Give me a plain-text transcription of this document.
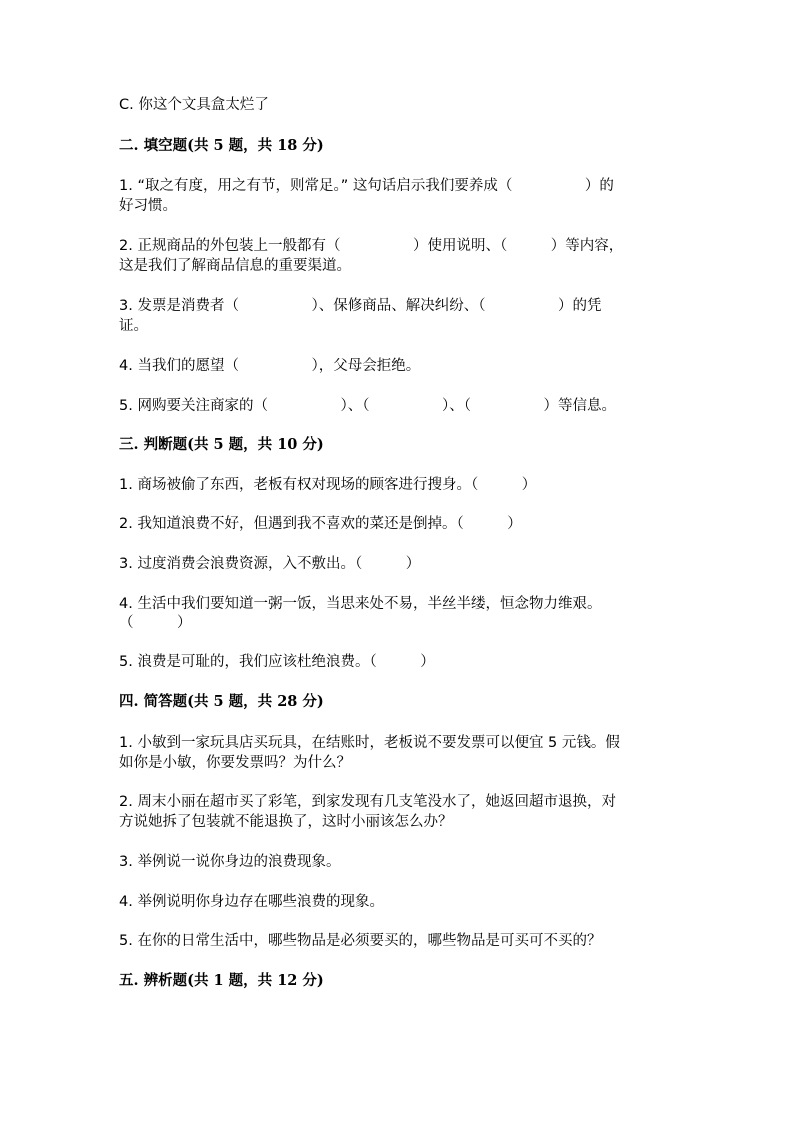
C. 你这个文具盒太烂了
二. 填空题(共 5 题，共 18 分)
1. “取之有度，用之有节，则常足。” 这句话启示我们要养成（　　　　　）的
好习惯。
2. 正规商品的外包装上一般都有（　　　　　）使用说明、（　　　）等内容，
这是我们了解商品信息的重要渠道。
3. 发票是消费者（　　　　　）、保修商品、解决纠纷、（　　　　　）的凭
证。
4. 当我们的愿望（　　　　　），父母会拒绝。
5. 网购要关注商家的（　　　　　）、（　　　　　）、（　　　　　）等信息。
三. 判断题(共 5 题，共 10 分)
1. 商场被偷了东西，老板有权对现场的顾客进行搜身。（　　　）
2. 我知道浪费不好，但遇到我不喜欢的菜还是倒掉。（　　　）
3. 过度消费会浪费资源，入不敷出。（　　　）
4. 生活中我们要知道一粥一饭，当思来处不易，半丝半缕，恒念物力维艰。
（　　　）
5. 浪费是可耻的，我们应该杜绝浪费。（　　　）
四. 简答题(共 5 题，共 28 分)
1. 小敏到一家玩具店买玩具，在结账时，老板说不要发票可以便宜 5 元钱。假
如你是小敏，你要发票吗？为什么？
2. 周末小丽在超市买了彩笔，到家发现有几支笔没水了，她返回超市退换，对
方说她拆了包装就不能退换了，这时小丽该怎么办？
3. 举例说一说你身边的浪费现象。
4. 举例说明你身边存在哪些浪费的现象。
5. 在你的日常生活中，哪些物品是必须要买的，哪些物品是可买可不买的？
五. 辨析题(共 1 题，共 12 分)
